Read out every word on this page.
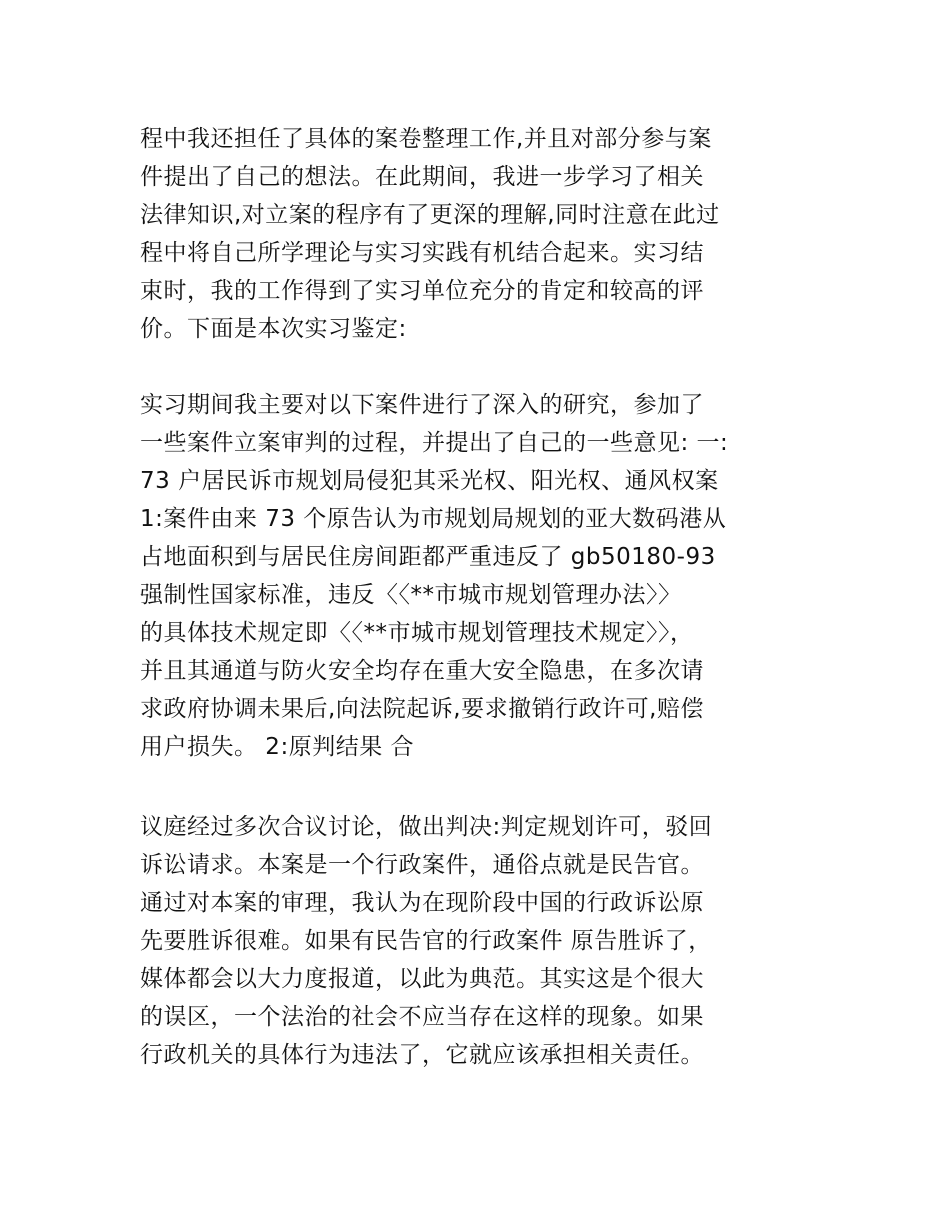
程中我还担任了具体的案卷整理工作,并且对部分参与案
件提出了自己的想法。在此期间，我进一步学习了相关
法律知识,对立案的程序有了更深的理解,同时注意在此过
程中将自己所学理论与实习实践有机结合起来。实习结
束时，我的工作得到了实习单位充分的肯定和较高的评
价。下面是本次实习鉴定:
实习期间我主要对以下案件进行了深入的研究，参加了
一些案件立案审判的过程，并提出了自己的一些意见: 一:
73 户居民诉市规划局侵犯其采光权、阳光权、通风权案
1:案件由来 73 个原告认为市规划局规划的亚大数码港从
占地面积到与居民住房间距都严重违反了 gb50180-93
强制性国家标准，违反〈〈**市城市规划管理办法〉〉
的具体技术规定即〈〈**市城市规划管理技术规定〉〉，
并且其通道与防火安全均存在重大安全隐患，在多次请
求政府协调未果后,向法院起诉,要求撤销行政许可,赔偿
用户损失。 2:原判结果 合
议庭经过多次合议讨论，做出判决:判定规划许可，驳回
诉讼请求。本案是一个行政案件，通俗点就是民告官。
通过对本案的审理，我认为在现阶段中国的行政诉讼原
先要胜诉很难。如果有民告官的行政案件 原告胜诉了，
媒体都会以大力度报道，以此为典范。其实这是个很大
的误区，一个法治的社会不应当存在这样的现象。如果
行政机关的具体行为违法了，它就应该承担相关责任。
